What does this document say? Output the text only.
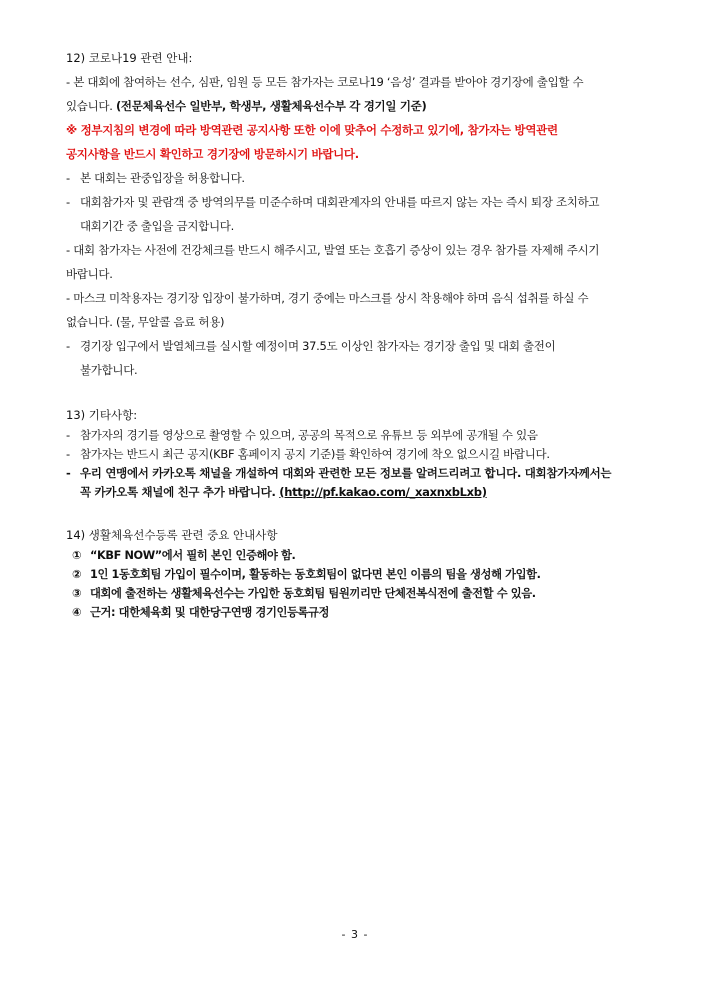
12) 코로나19 관련 안내:
- 본 대회에 참여하는 선수, 심판, 임원 등 모든 참가자는 코로나19 ‘음성’ 결과를 받아야 경기장에 출입할 수 있습니다. (전문체육선수 일반부, 학생부, 생활체육선수부 각 경기일 기준)
※ 정부지침의 변경에 따라 방역관련 공지사항 또한 이에 맞추어 수정하고 있기에, 참가자는 방역관련 공지사항을 반드시 확인하고 경기장에 방문하시기 바랍니다.
- 본 대회는 관중입장을 허용합니다.
- 대회참가자 및 관람객 중 방역의무를 미준수하며 대회관계자의 안내를 따르지 않는 자는 즉시 퇴장 조치하고 대회기간 중 출입을 금지합니다.
- 대회 참가자는 사전에 건강체크를 반드시 해주시고, 발열 또는 호흡기 증상이 있는 경우 참가를 자제해 주시기 바랍니다.
- 마스크 미착용자는 경기장 입장이 불가하며, 경기 중에는 마스크를 상시 착용해야 하며 음식 섭취를 하실 수 없습니다. (물, 무알콜 음료 허용)
- 경기장 입구에서 발열체크를 실시할 예정이며 37.5도 이상인 참가자는 경기장 출입 및 대회 출전이 불가합니다.
13) 기타사항:
- 참가자의 경기를 영상으로 촬영할 수 있으며, 공공의 목적으로 유튜브 등 외부에 공개될 수 있음
- 참가자는 반드시 최근 공지(KBF 홈페이지 공지 기준)를 확인하여 경기에 착오 없으시길 바랍니다.
- 우리 연맹에서 카카오톡 채널을 개설하여 대회와 관련한 모든 정보를 알려드리려고 합니다. 대회참가자께서는 꼭 카카오톡 채널에 친구 추가 바랍니다. (http://pf.kakao.com/_xaxnxbLxb)
14) 생활체육선수등록 관련 중요 안내사항
① “KBF NOW”에서 필히 본인 인증해야 함.
② 1인 1동호회팀 가입이 필수이며, 활동하는 동호회팀이 없다면 본인 이름의 팀을 생성해 가입함.
③ 대회에 출전하는 생활체육선수는 가입한 동호회팀 팀원끼리만 단체전복식전에 출전할 수 있음.
④ 근거: 대한체육회 및 대한당구연맹 경기인등록규정
- 3 -
